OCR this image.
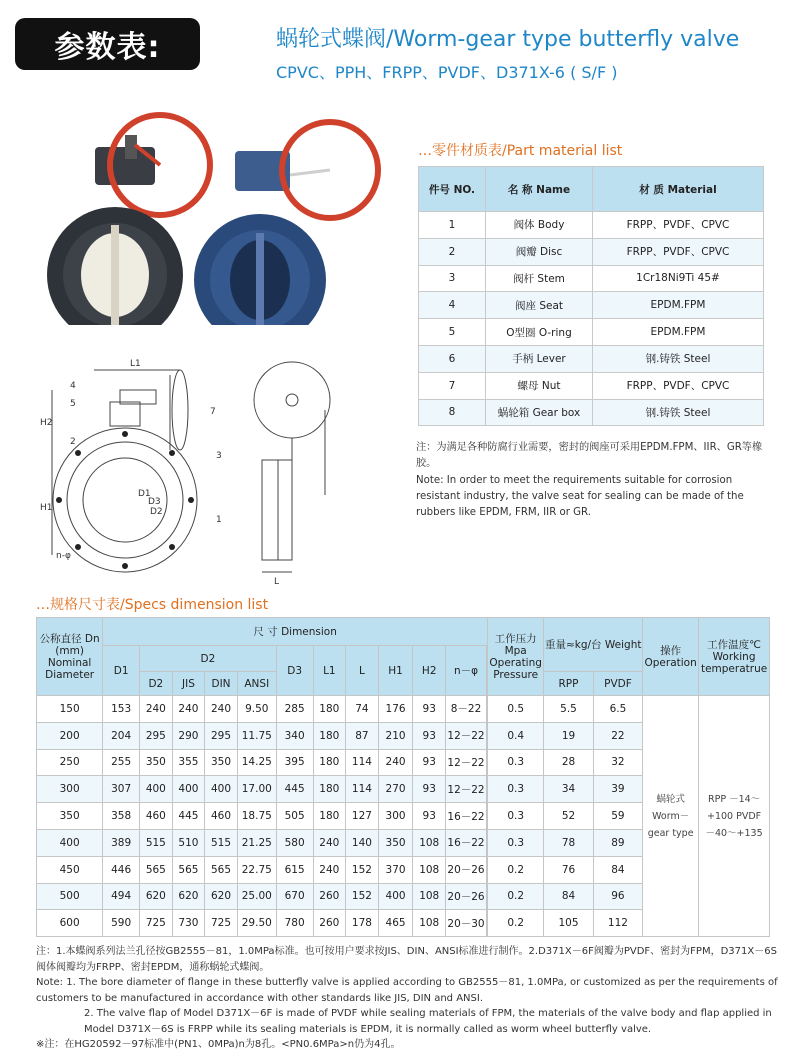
参数表:	蜗轮式蝶阀/Worm-gear type butterfly valve
CPVC、PPH、FRPP、PVDF、D371X-6 ( S/F )
L1
H2
H1
4
5
2
7
1
3
D1
D3
D2
n-φ
L
…零件材质表/Part material list
件号 NO.	名 称 Name	材 质 Material
1	阀体 Body	FRPP、PVDF、CPVC
2	阀瓣 Disc	FRPP、PVDF、CPVC
3	阀杆 Stem	1Cr18Ni9Ti 45#
4	阀座 Seat	EPDM.FPM
5	O型圈 O-ring	EPDM.FPM
6	手柄 Lever	钢.铸铁 Steel
7	螺母 Nut	FRPP、PVDF、CPVC
8	蜗轮箱 Gear box	钢.铸铁 Steel
注：为满足各种防腐行业需要，密封的阀座可采用EPDM.FPM、IIR、GR等橡胶。
Note: In order to meet the requirements suitable for corrosion resistant industry, the valve seat for sealing can be made of the rubbers like EPDM, FRM, IIR or GR.
…规格尺寸表/Specs dimension list
公称直径 Dn (mm) Nominal Diameter	尺 寸 Dimension											工作压力 Mpa Operating Pressure	重量≈kg/台 Weight		操作 Operation	工作温度℃ Working temperatrue
	D1	D2				D3	L1	L	H1	H2	n－φ					
		D2	JIS	DIN	ANSI								RPP	PVDF		
150	153	240	240	240	9.50	285	180	74	176	93	8－22			0.5	5.5	6.5	蜗轮式 Worm－gear type	RPP －14～+100 PVDF －40～+135
200	204	295	290	295	11.75	340	180	87	210	93	12－22			0.4	19	22		
250	255	350	355	350	14.25	395	180	114	240	93	12－22			0.3	28	32		
300	307	400	400	400	17.00	445	180	114	270	93	12－22			0.3	34	39		
350	358	460	445	460	18.75	505	180	127	300	93	16－22			0.3	52	59		
400	389	515	510	515	21.25	580	240	140	350	108	16－22			0.3	78	89		
450	446	565	565	565	22.75	615	240	152	370	108	20－26			0.2	76	84		
500	494	620	620	620	25.00	670	260	152	400	108	20－26			0.2	84	96		
600	590	725	730	725	29.50	780	260	178	465	108	20－30			0.2	105	112		
注：1.本蝶阀系列法兰孔径按GB2555－81，1.0MPa标准。也可按用户要求按JIS、DIN、ANSI标准进行制作。2.D371X－6F阀瓣为PVDF、密封为FPM，D371X－6S阀体阀瓣均为FRPP、密封EPDM，通称蜗轮式蝶阀。
Note: 1. The bore diameter of flange in these butterfly valve is applied according to GB2555－81, 1.0MPa, or customized as per the requirements of customers to be manufactured in accordance with other standards like JIS, DIN and ANSI.
2. The valve flap of Model D371X－6F is made of PVDF while sealing materials of FPM, the materials of the valve body and flap applied in Model D371X－6S is FRPP while its sealing materials is EPDM, it is normally called as worm wheel butterfly valve.
※注：在HG20592－97标准中(PN1、0MPa)n为8孔。<PN0.6MPa>n仍为4孔。
